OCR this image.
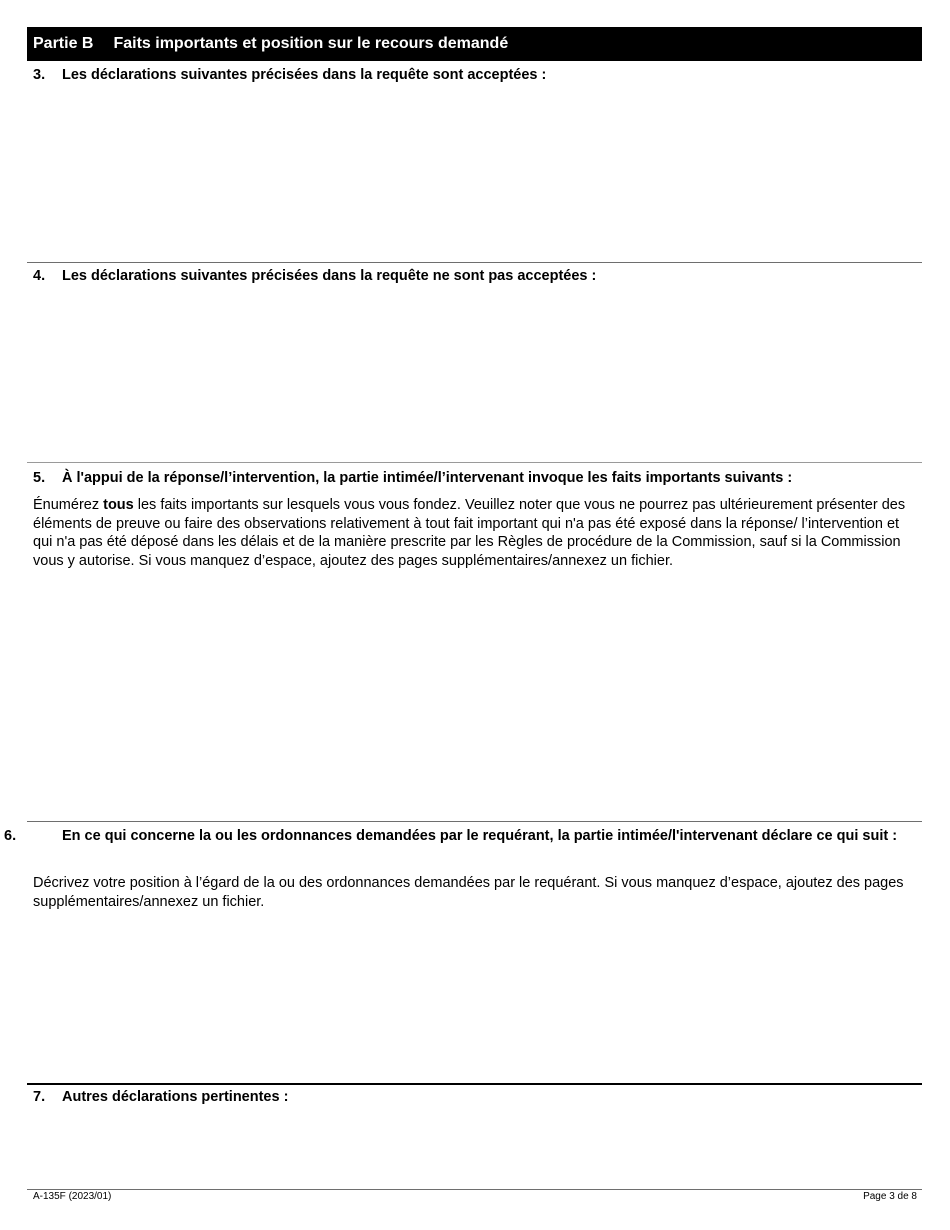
Partie B Faits importants et position sur le recours demandé
3. Les déclarations suivantes précisées dans la requête sont acceptées :
4. Les déclarations suivantes précisées dans la requête ne sont pas acceptées :
5. À l'appui de la réponse/l’intervention, la partie intimée/l’intervenant invoque les faits importants suivants :
Énumérez tous les faits importants sur lesquels vous vous fondez. Veuillez noter que vous ne pourrez pas ultérieurement présenter des éléments de preuve ou faire des observations relativement à tout fait important qui n'a pas été exposé dans la réponse/ l’intervention et qui n'a pas été déposé dans les délais et de la manière prescrite par les Règles de procédure de la Commission, sauf si la Commission vous y autorise. Si vous manquez d’espace, ajoutez des pages supplémentaires/annexez un fichier.
6.	En ce qui concerne la ou les ordonnances demandées par le requérant, la partie intimée/l'intervenant déclare ce qui suit :
Décrivez votre position à l’égard de la ou des ordonnances demandées par le requérant. Si vous manquez d’espace, ajoutez des pages supplémentaires/annexez un fichier.
7. Autres déclarations pertinentes :
A-135F (2023/01)	Page 3 de 8
